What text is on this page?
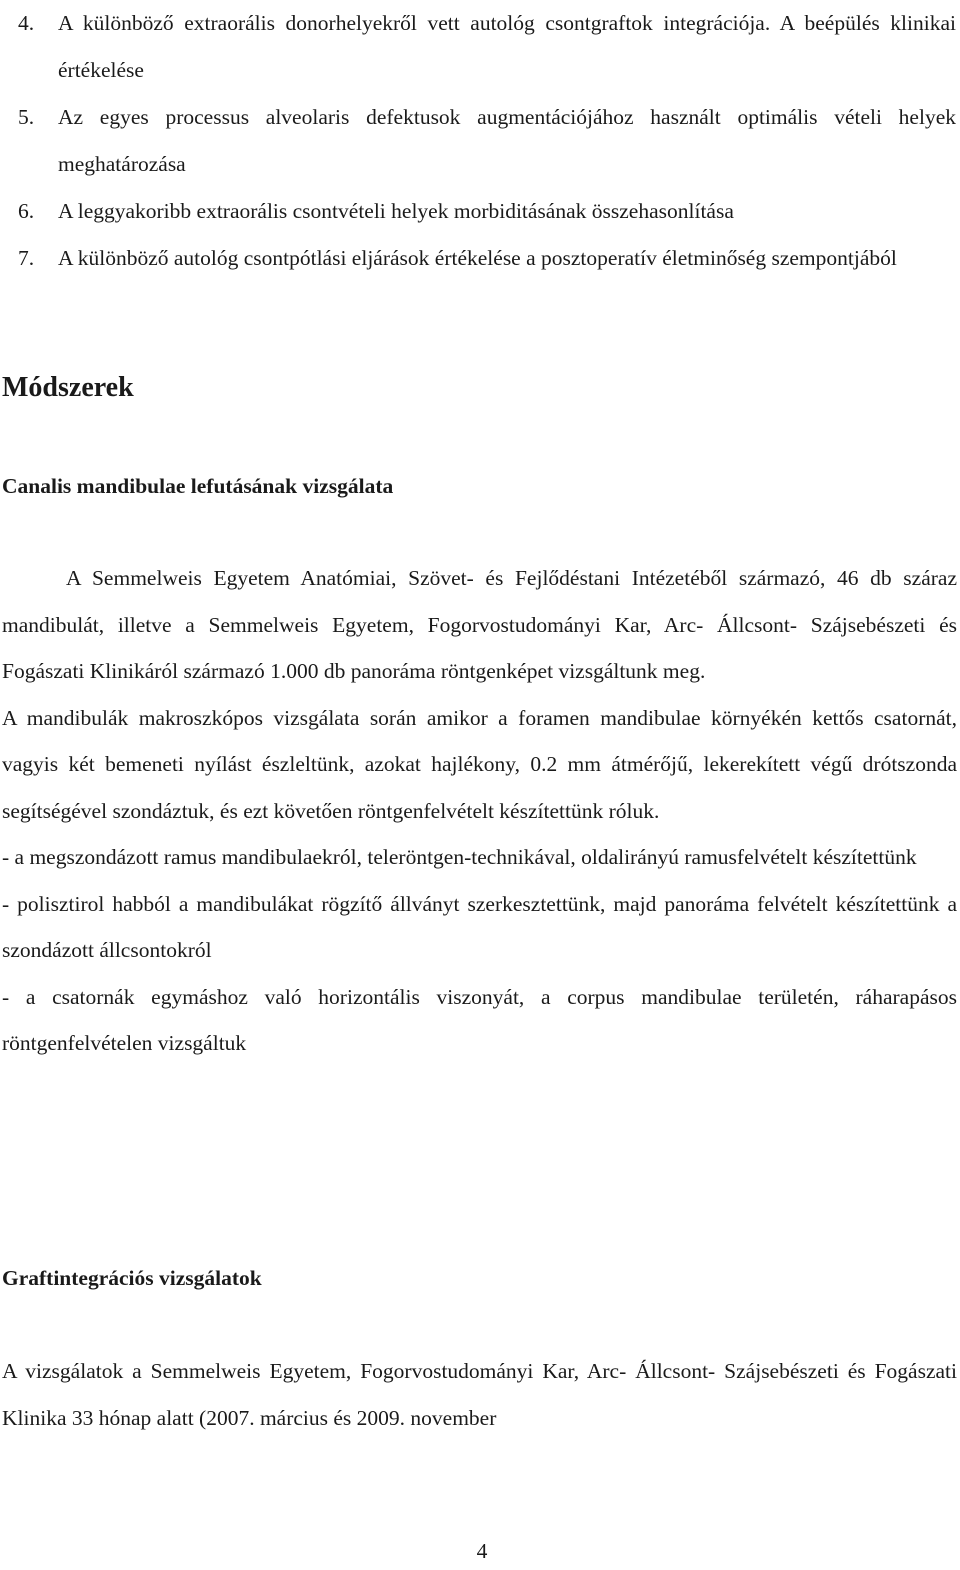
4. A különböző extraorális donorhelyekről vett autológ csontgraftok integrációja. A beépülés klinikai értékelése
5. Az egyes processus alveolaris defektusok augmentációjához használt optimális vételi helyek meghatározása
6. A leggyakoribb extraorális csontvételi helyek morbiditásának összehasonlítása
7. A különböző autológ csontpótlási eljárások értékelése a posztoperatív életminőség szempontjából
Módszerek
Canalis mandibulae lefutásának vizsgálata

A Semmelweis Egyetem Anatómiai, Szövet- és Fejlődéstani Intézetéből származó, 46 db száraz mandibulát, illetve a Semmelweis Egyetem, Fogorvostudományi Kar, Arc- Állcsont- Szájsebészeti és Fogászati Klinikáról származó 1.000 db panoráma röntgenképet vizsgáltunk meg.

A mandibulák makroszkópos vizsgálata során amikor a foramen mandibulae környékén kettős csatornát, vagyis két bemeneti nyílást észleltünk, azokat hajlékony, 0.2 mm átmérőjű, lekerekített végű drótszonda segítségével szondáztuk, és ezt követően röntgenfelvételt készítettünk róluk.

- a megszondázott ramus mandibulaekról, teleröntgen-technikával, oldalirányú ramusfelvételt készítettünk

- polisztirol habból a mandibulákat rögzítő állványt szerkesztettünk, majd panoráma felvételt készítettünk a szondázott állcsontokról

- a csatornák egymáshoz való horizontális viszonyát, a corpus mandibulae területén, ráharapásos röntgenfelvételen vizsgáltuk

Graftintegrációs vizsgálatok

A vizsgálatok a Semmelweis Egyetem, Fogorvostudományi Kar, Arc- Állcsont- Szájsebészeti és Fogászati Klinika 33 hónap alatt (2007. március és 2009. november

4
